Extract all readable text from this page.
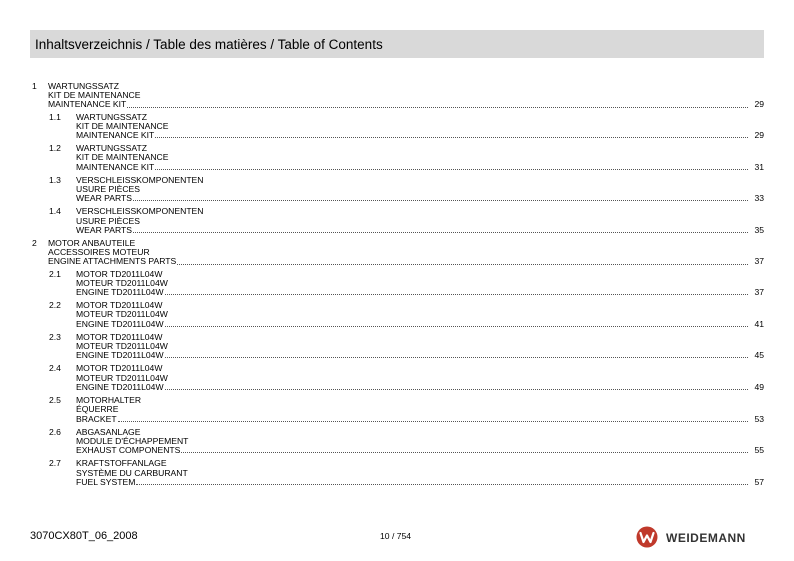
Inhaltsverzeichnis / Table des matières / Table of Contents
1 WARTUNGSSATZ
KIT DE MAINTENANCE
MAINTENANCE KIT	29
1.1 WARTUNGSSATZ
KIT DE MAINTENANCE
MAINTENANCE KIT	29
1.2 WARTUNGSSATZ
KIT DE MAINTENANCE
MAINTENANCE KIT	31
1.3 VERSCHLEISSKOMPONENTEN
USURE PIÈCES
WEAR PARTS	33
1.4 VERSCHLEISSKOMPONENTEN
USURE PIÈCES
WEAR PARTS	35
2 MOTOR ANBAUTEILE
ACCESSOIRES MOTEUR
ENGINE ATTACHMENTS PARTS	37
2.1 MOTOR TD2011L04W
MOTEUR TD2011L04W
ENGINE TD2011L04W	37
2.2 MOTOR TD2011L04W
MOTEUR TD2011L04W
ENGINE TD2011L04W	41
2.3 MOTOR TD2011L04W
MOTEUR TD2011L04W
ENGINE TD2011L04W	45
2.4 MOTOR TD2011L04W
MOTEUR TD2011L04W
ENGINE TD2011L04W	49
2.5 MOTORHALTER
ÉQUERRE
BRACKET	53
2.6 ABGASANLAGE
MODULE D'ÉCHAPPEMENT
EXHAUST COMPONENTS	55
2.7 KRAFTSTOFFANLAGE
SYSTÈME DU CARBURANT
FUEL SYSTEM	57
3070CX80T_06_2008	10 / 754	WEIDEMANN
